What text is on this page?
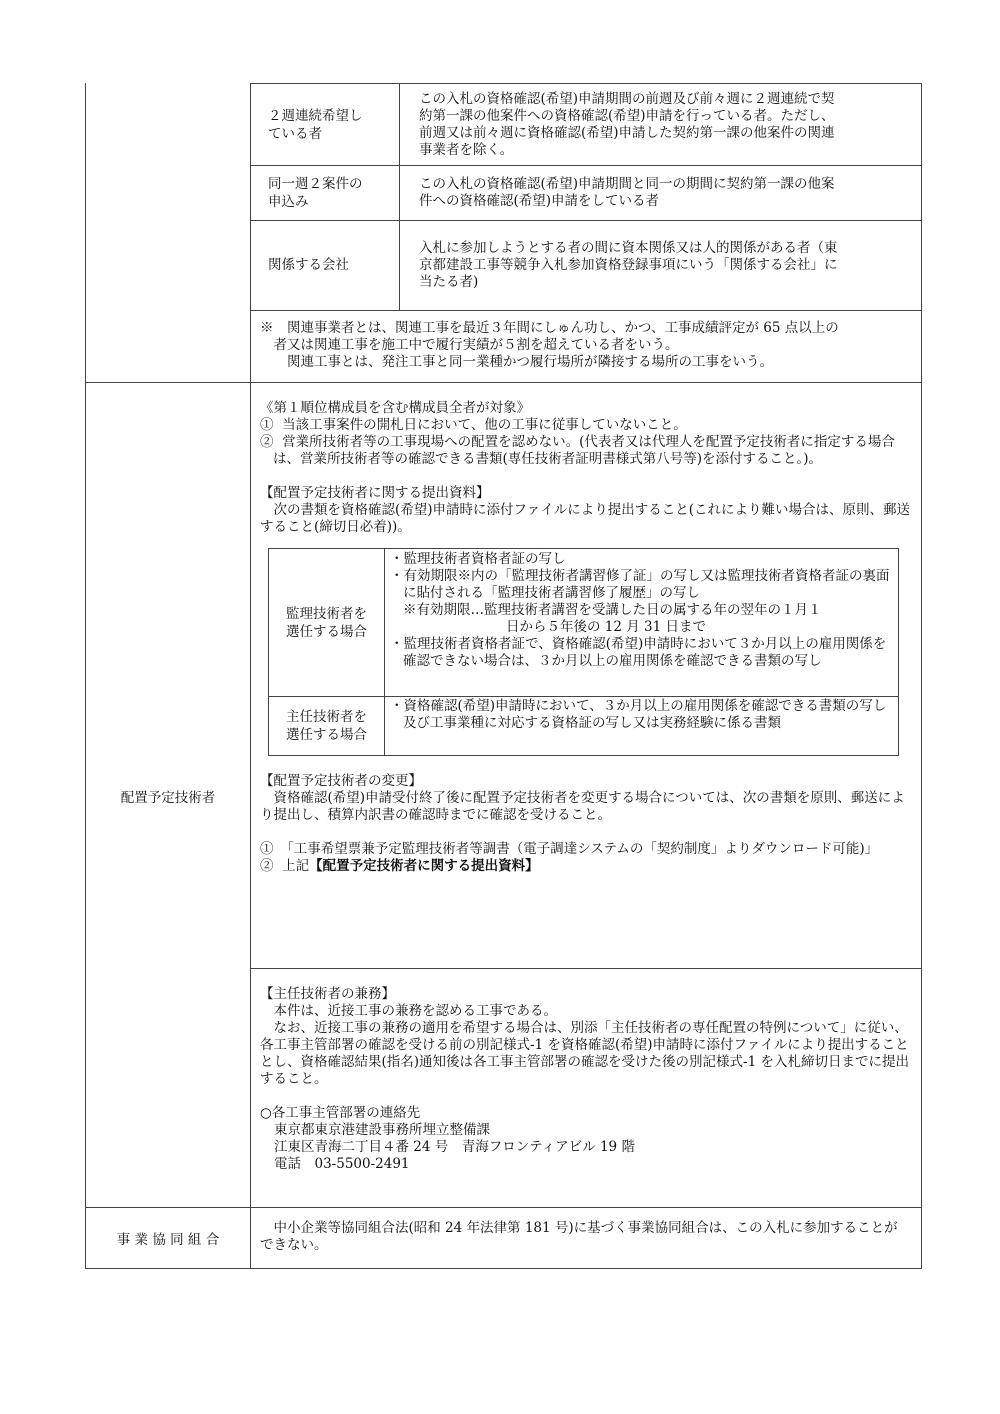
２週連続希望し
ている者

この入札の資格確認(希望)申請期間の前週及び前々週に２週連続で契

約第一課の他案件への資格確認(希望)申請を行っている者。ただし、

前週又は前々週に資格確認(希望)申請した契約第一課の他案件の関連

事業者を除く。

同一週２案件の
申込み

この入札の資格確認(希望)申請期間と同一の期間に契約第一課の他案

件への資格確認(希望)申請をしている者

関係する会社

入札に参加しようとする者の間に資本関係又は人的関係がある者（東

京都建設工事等競争入札参加資格登録事項にいう「関係する会社」に

当たる者)

※　関連事業者とは、関連工事を最近３年間にしゅん功し、かつ、工事成績評定が 65 点以上の

　者又は関連工事を施工中で履行実績が５割を超えている者をいう。

　　関連工事とは、発注工事と同一業種かつ履行場所が隣接する場所の工事をいう。

配置予定技術者

《第１順位構成員を含む構成員全者が対象》

①  当該工事案件の開札日において、他の工事に従事していないこと。

②  営業所技術者等の工事現場への配置を認めない。(代表者又は代理人を配置予定技術者に指定する場合は、営業所技術者等の確認できる書類(専任技術者証明書様式第八号等)を添付すること。)。

【配置予定技術者に関する提出資料】

　次の書類を資格確認(希望)申請時に添付ファイルにより提出すること(これにより難い場合は、原則、郵送すること(締切日必着))。

監理技術者を
選任する場合

・監理技術者資格者証の写し

・有効期限※内の「監理技術者講習修了証」の写し又は監理技術者資格者証の裏面に貼付される「監理技術者講習修了履歴」の写し

※有効期限…監理技術者講習を受講した日の属する年の翌年の１月１

日から５年後の 12 月 31 日まで

・監理技術者資格者証で、資格確認(希望)申請時において３か月以上の雇用関係を確認できない場合は、３か月以上の雇用関係を確認できる書類の写し

主任技術者を
選任する場合

・資格確認(希望)申請時において、３か月以上の雇用関係を確認できる書類の写し及び工事業種に対応する資格証の写し又は実務経験に係る書類

【配置予定技術者の変更】

　資格確認(希望)申請受付終了後に配置予定技術者を変更する場合については、次の書類を原則、郵送により提出し、積算内訳書の確認時までに確認を受けること。

①　「工事希望票兼予定監理技術者等調書（電子調達システムの「契約制度」よりダウンロード可能)」

②  上記【配置予定技術者に関する提出資料】

【主任技術者の兼務】

　本件は、近接工事の兼務を認める工事である。

　なお、近接工事の兼務の適用を希望する場合は、別添「主任技術者の専任配置の特例について」に従い、各工事主管部署の確認を受ける前の別記様式-1 を資格確認(希望)申請時に添付ファイルにより提出することとし、資格確認結果(指名)通知後は各工事主管部署の確認を受けた後の別記様式-1 を入札締切日までに提出すること。

○各工事主管部署の連絡先

東京都東京港建設事務所埋立整備課

江東区青海二丁目４番 24 号　青海フロンティアビル 19 階

電話　03-5500-2491

事 業 協 同 組 合

　中小企業等協同組合法(昭和 24 年法律第 181 号)に基づく事業協同組合は、この入札に参加することができない。
